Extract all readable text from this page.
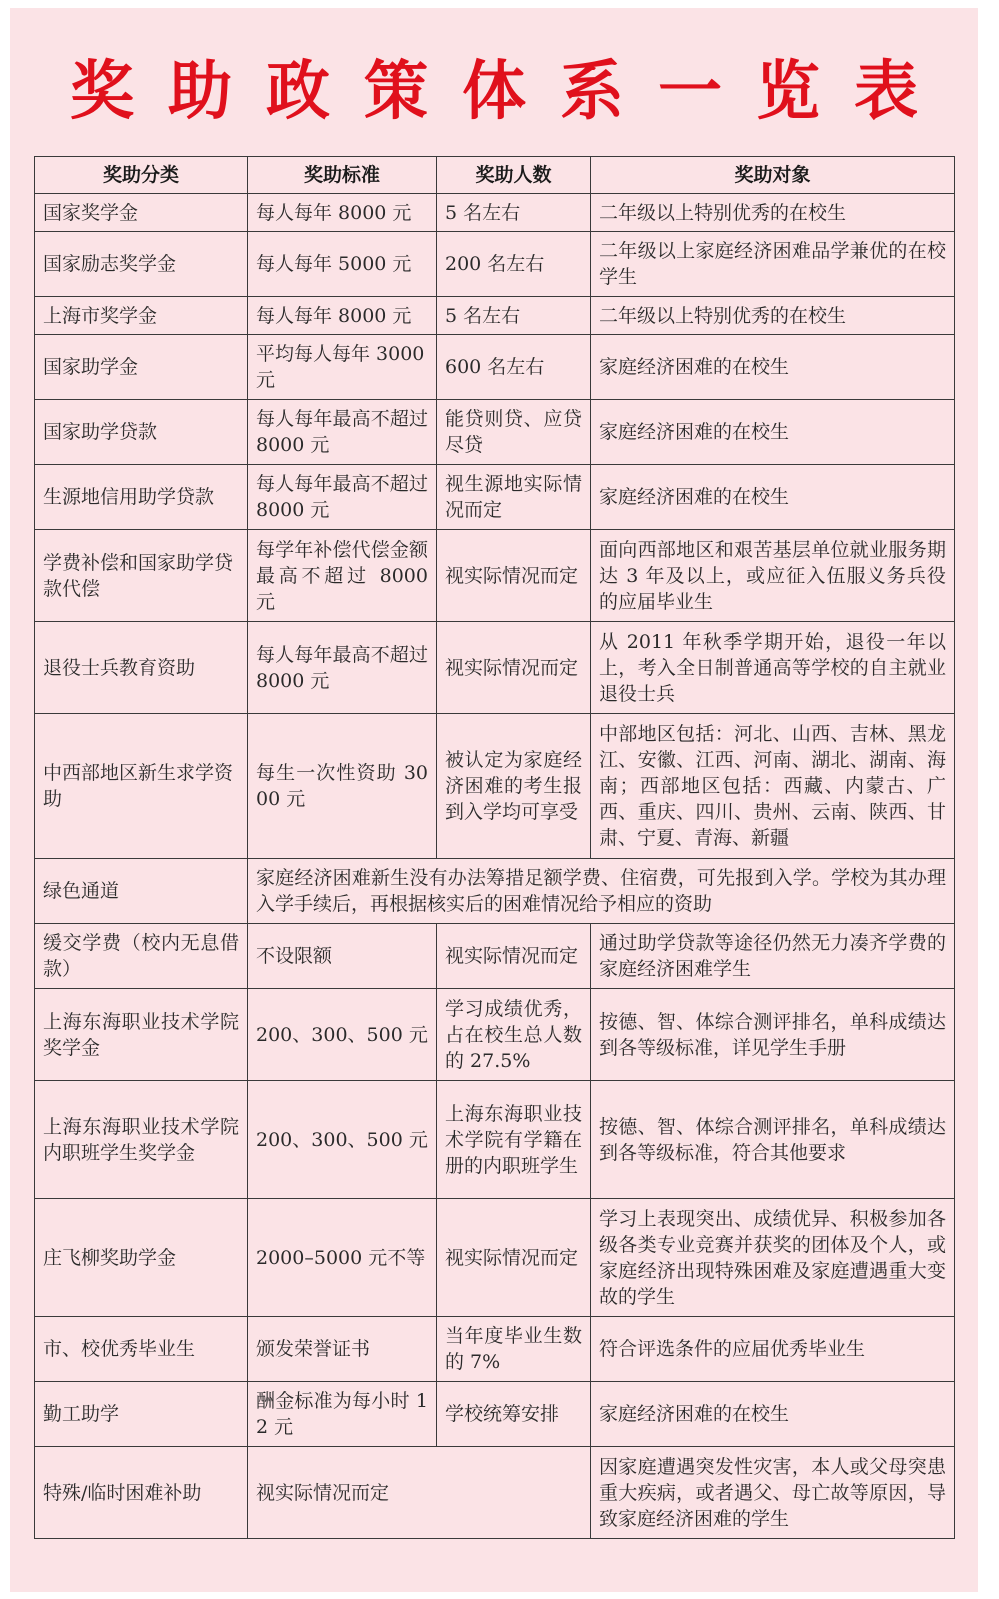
奖助政策体系一览表
奖助分类	奖助标准	奖助人数	奖助对象
国家奖学金	每人每年 8000 元	5 名左右	二年级以上特别优秀的在校生
国家励志奖学金	每人每年 5000 元	200 名左右	二年级以上家庭经济困难品学兼优的在校学生
上海市奖学金	每人每年 8000 元	5 名左右	二年级以上特别优秀的在校生
国家助学金	平均每人每年 3000 元	600 名左右	家庭经济困难的在校生
国家助学贷款	每人每年最高不超过 8000 元	能贷则贷、应贷尽贷	家庭经济困难的在校生
生源地信用助学贷款	每人每年最高不超过 8000 元	视生源地实际情况而定	家庭经济困难的在校生
学费补偿和国家助学贷款代偿	每学年补偿代偿金额最高不超过 8000 元	视实际情况而定	面向西部地区和艰苦基层单位就业服务期达 3 年及以上，或应征入伍服义务兵役的应届毕业生
退役士兵教育资助	每人每年最高不超过 8000 元	视实际情况而定	从 2011 年秋季学期开始，退役一年以上，考入全日制普通高等学校的自主就业退役士兵
中西部地区新生求学资助	每生一次性资助 3000 元	被认定为家庭经济困难的考生报到入学均可享受	中部地区包括：河北、山西、吉林、黑龙江、安徽、江西、河南、湖北、湖南、海南；西部地区包括：西藏、内蒙古、广西、重庆、四川、贵州、云南、陕西、甘肃、宁夏、青海、新疆
绿色通道	家庭经济困难新生没有办法筹措足额学费、住宿费，可先报到入学。学校为其办理入学手续后，再根据核实后的困难情况给予相应的资助		
缓交学费（校内无息借款）	不设限额	视实际情况而定	通过助学贷款等途径仍然无力凑齐学费的家庭经济困难学生
上海东海职业技术学院奖学金	200、300、500 元	学习成绩优秀，占在校生总人数的 27.5%	按德、智、体综合测评排名，单科成绩达到各等级标准，详见学生手册
上海东海职业技术学院内职班学生奖学金	200、300、500 元	上海东海职业技术学院有学籍在册的内职班学生	按德、智、体综合测评排名，单科成绩达到各等级标准，符合其他要求
庄飞柳奖助学金	2000–5000 元不等	视实际情况而定	学习上表现突出、成绩优异、积极参加各级各类专业竞赛并获奖的团体及个人，或家庭经济出现特殊困难及家庭遭遇重大变故的学生
市、校优秀毕业生	颁发荣誉证书	当年度毕业生数的 7%	符合评选条件的应届优秀毕业生
勤工助学	酬金标准为每小时 12 元	学校统筹安排	家庭经济困难的在校生
特殊/临时困难补助	视实际情况而定		因家庭遭遇突发性灾害，本人或父母突患重大疾病，或者遇父、母亡故等原因，导致家庭经济困难的学生
